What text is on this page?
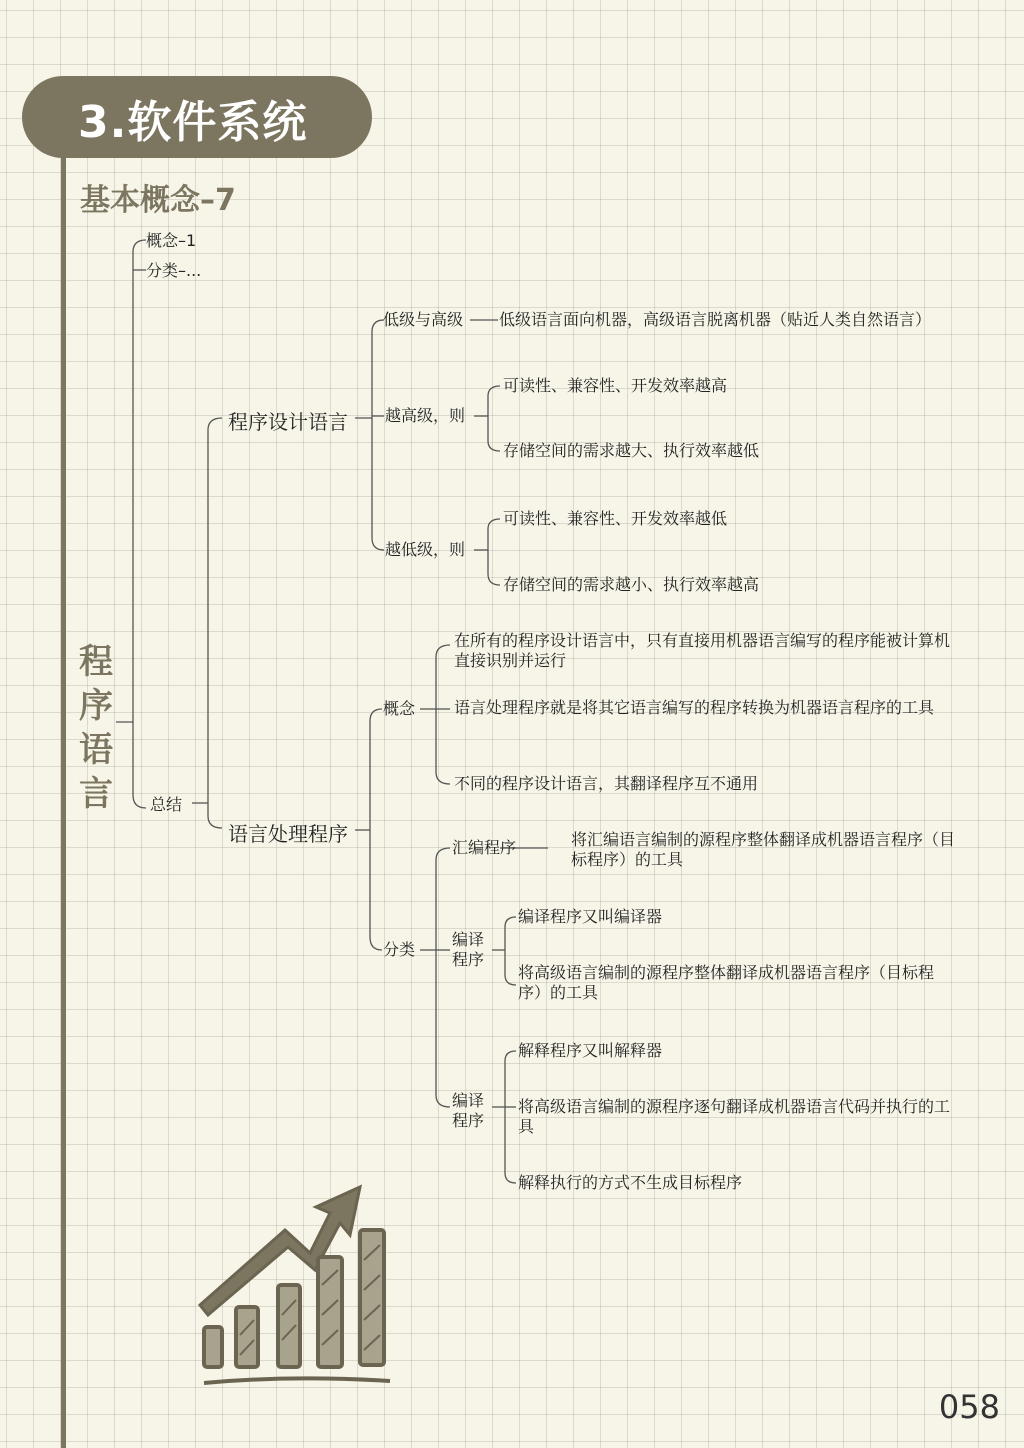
3.软件系统
基本概念–7
程序语言
概念–1
分类–...
总结
程序设计语言
低级与高级 低级语言面向机器，高级语言脱离机器（贴近人类自然语言）
越高级，则
可读性、兼容性、开发效率越高
存储空间的需求越大、执行效率越低
越低级，则
可读性、兼容性、开发效率越低
存储空间的需求越小、执行效率越高
语言处理程序
概念
在所有的程序设计语言中，只有直接用机器语言编写的程序能被计算机直接识别并运行
语言处理程序就是将其它语言编写的程序转换为机器语言程序的工具
不同的程序设计语言，其翻译程序互不通用
分类
汇编程序	将汇编语言编制的源程序整体翻译成机器语言程序（目标程序）的工具
编译程序
编译程序又叫编译器
将高级语言编制的源程序整体翻译成机器语言程序（目标程序）的工具
编译程序
解释程序又叫解释器
将高级语言编制的源程序逐句翻译成机器语言代码并执行的工具
解释执行的方式不生成目标程序
058
